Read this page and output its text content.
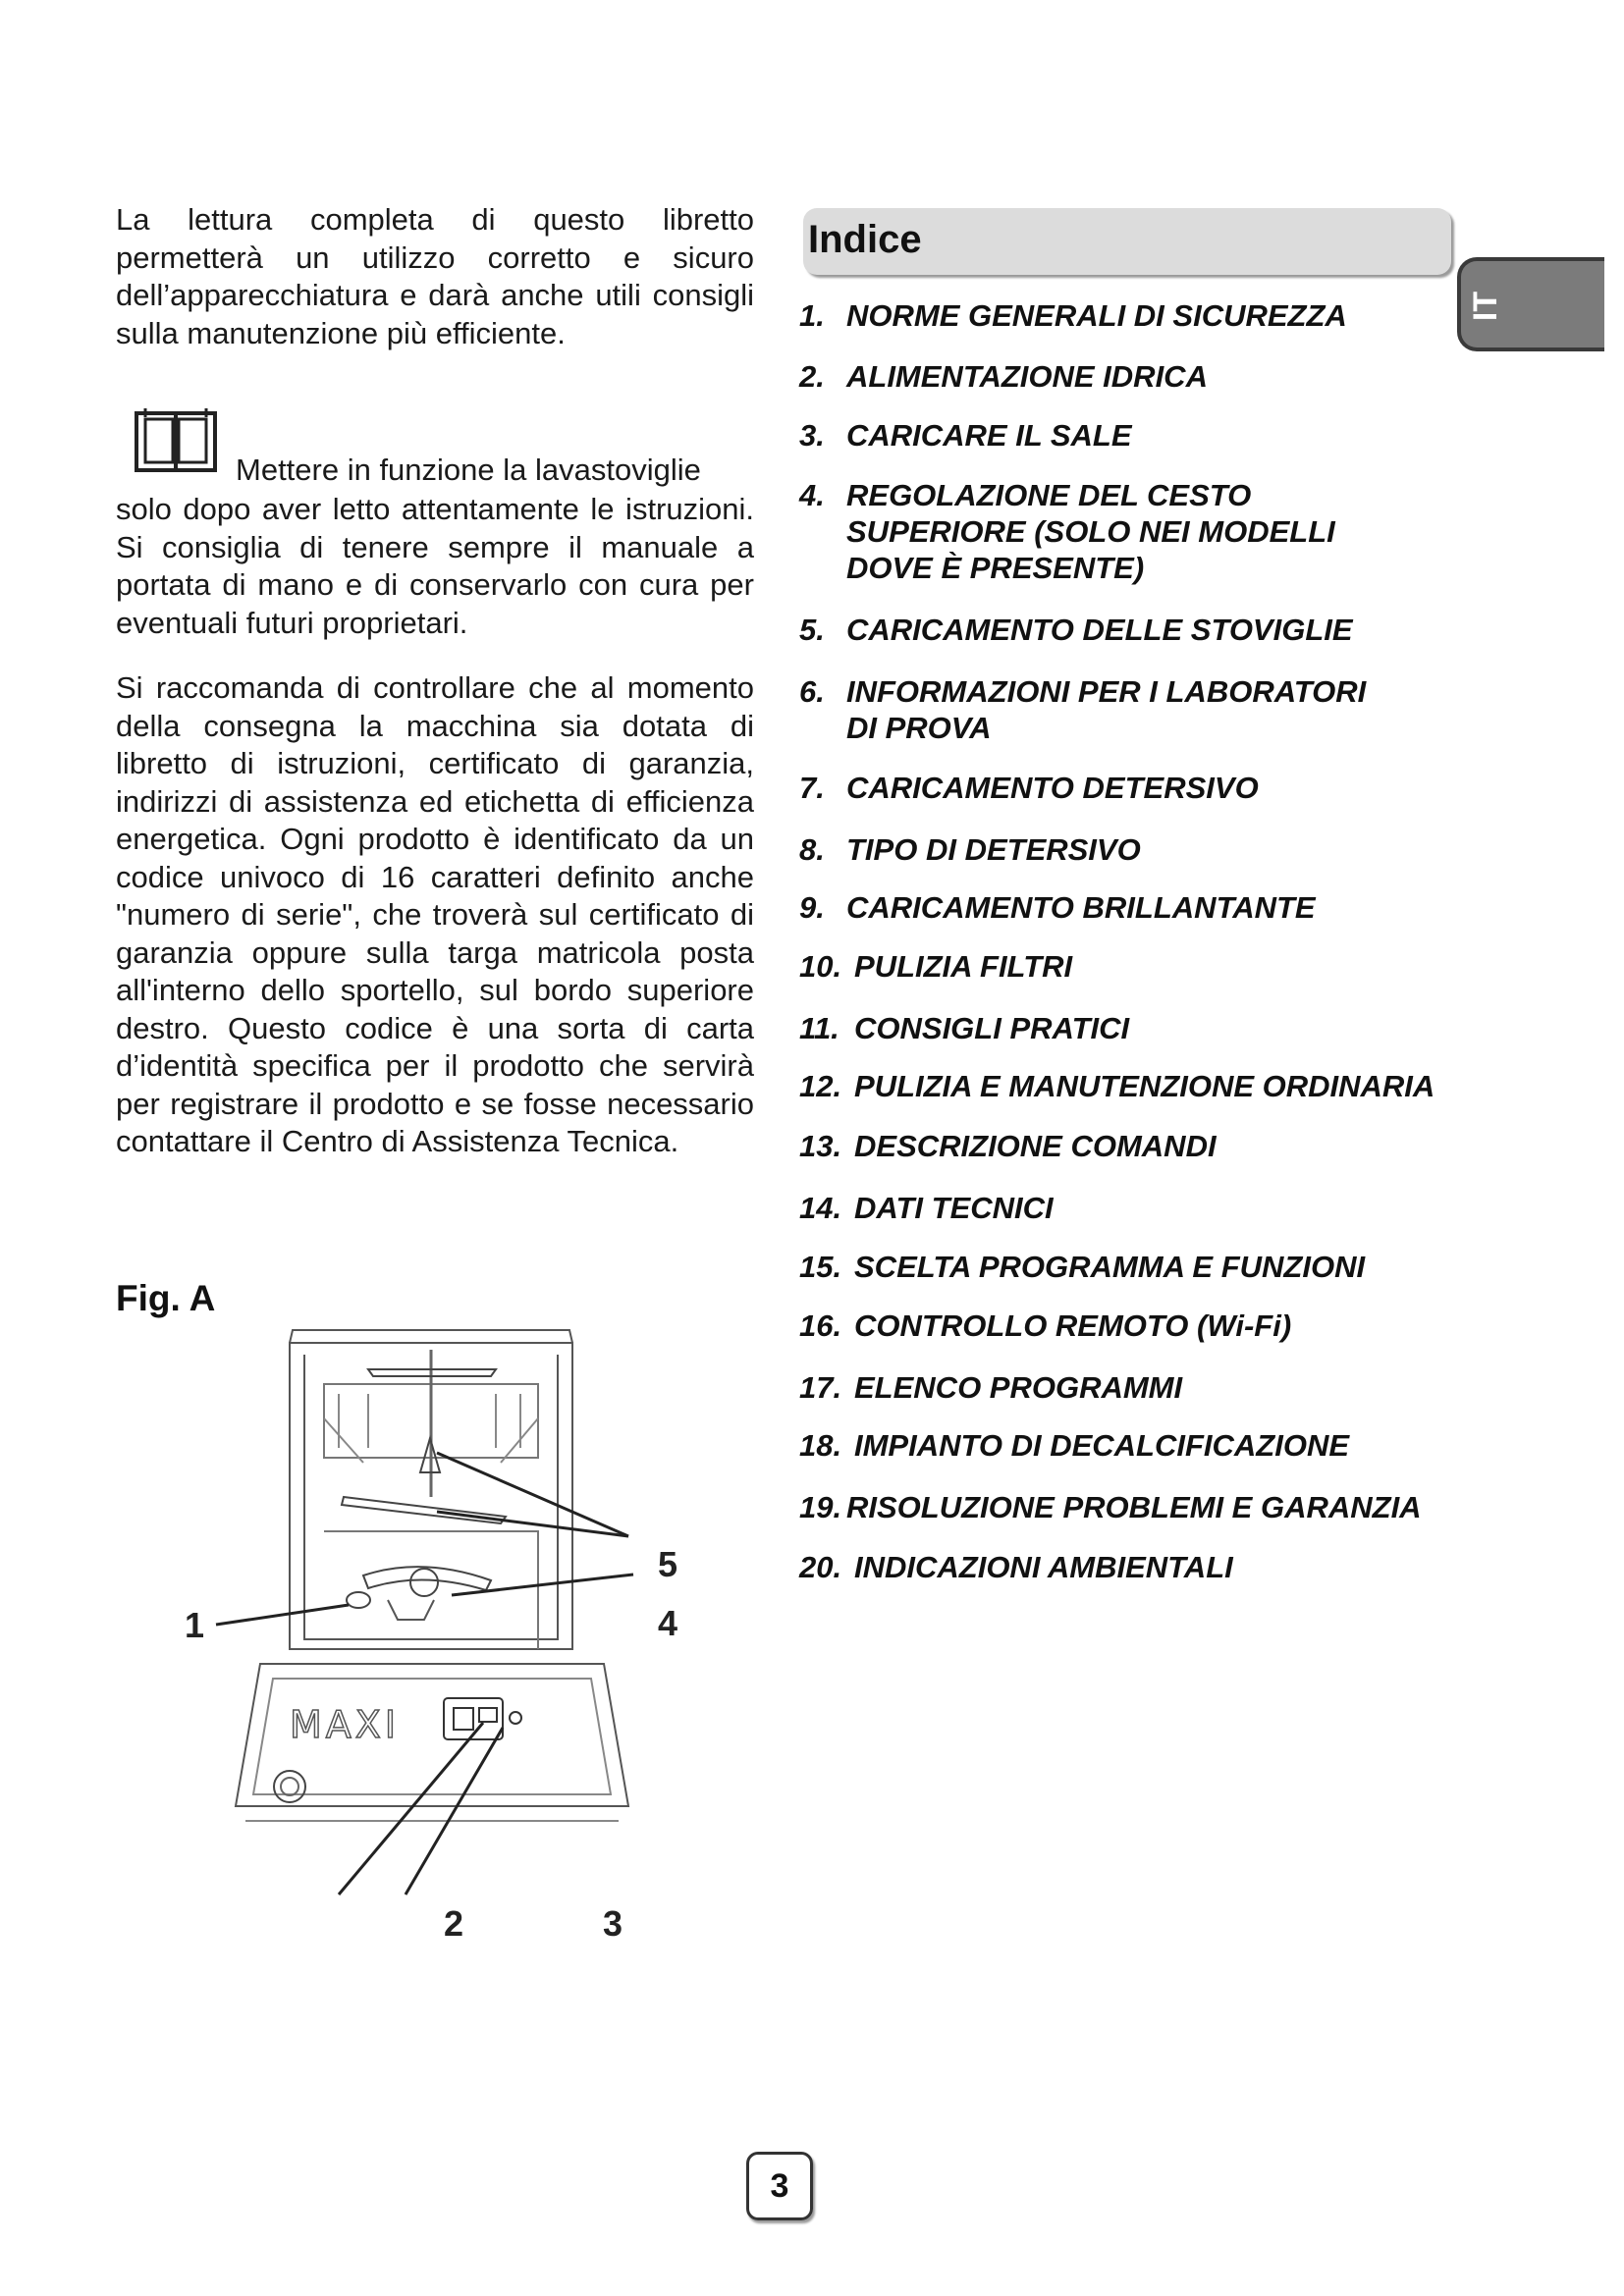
La lettura completa di questo libretto permetterà un utilizzo corretto e sicuro dell’apparecchiatura e darà anche utili consigli sulla manutenzione più efficiente.

Mettere in funzione la lavastoviglie

solo dopo aver letto attentamente le istruzioni. Si consiglia di tenere sempre il manuale a portata di mano e di conservarlo con cura per eventuali futuri proprietari.

Si raccomanda di controllare che al momento della consegna la macchina sia dotata di libretto di istruzioni, certificato di garanzia, indirizzi di assistenza ed etichetta di efficienza energetica. Ogni prodotto è identificato da un codice univoco di 16 caratteri definito anche "numero di serie", che troverà sul certificato di garanzia oppure sulla targa matricola posta all'interno dello sportello, sul bordo superiore destro. Questo codice è una sorta di carta d’identità specifica per il prodotto che servirà per registrare il prodotto e se fosse necessario contattare il Centro di Assistenza Tecnica.

Fig. A
MAXI
1
2	3
4
5
Indice
1. NORME GENERALI DI SICUREZZA
2. ALIMENTAZIONE IDRICA
3. CARICARE IL SALE
4. REGOLAZIONE DEL CESTO
SUPERIORE (SOLO NEI MODELLI
DOVE È PRESENTE)
5. CARICAMENTO DELLE STOVIGLIE
6. INFORMAZIONI PER I LABORATORI
DI PROVA
7. CARICAMENTO DETERSIVO
8. TIPO DI DETERSIVO
9. CARICAMENTO BRILLANTANTE
10. PULIZIA FILTRI
11. CONSIGLI PRATICI
12. PULIZIA E MANUTENZIONE ORDINARIA
13. DESCRIZIONE COMANDI
14. DATI TECNICI
15. SCELTA PROGRAMMA E FUNZIONI
16. CONTROLLO REMOTO (Wi-Fi)
17. ELENCO PROGRAMMI
18. IMPIANTO DI DECALCIFICAZIONE
19. RISOLUZIONE PROBLEMI E GARANZIA
20. INDICAZIONI AMBIENTALI
IT
3
